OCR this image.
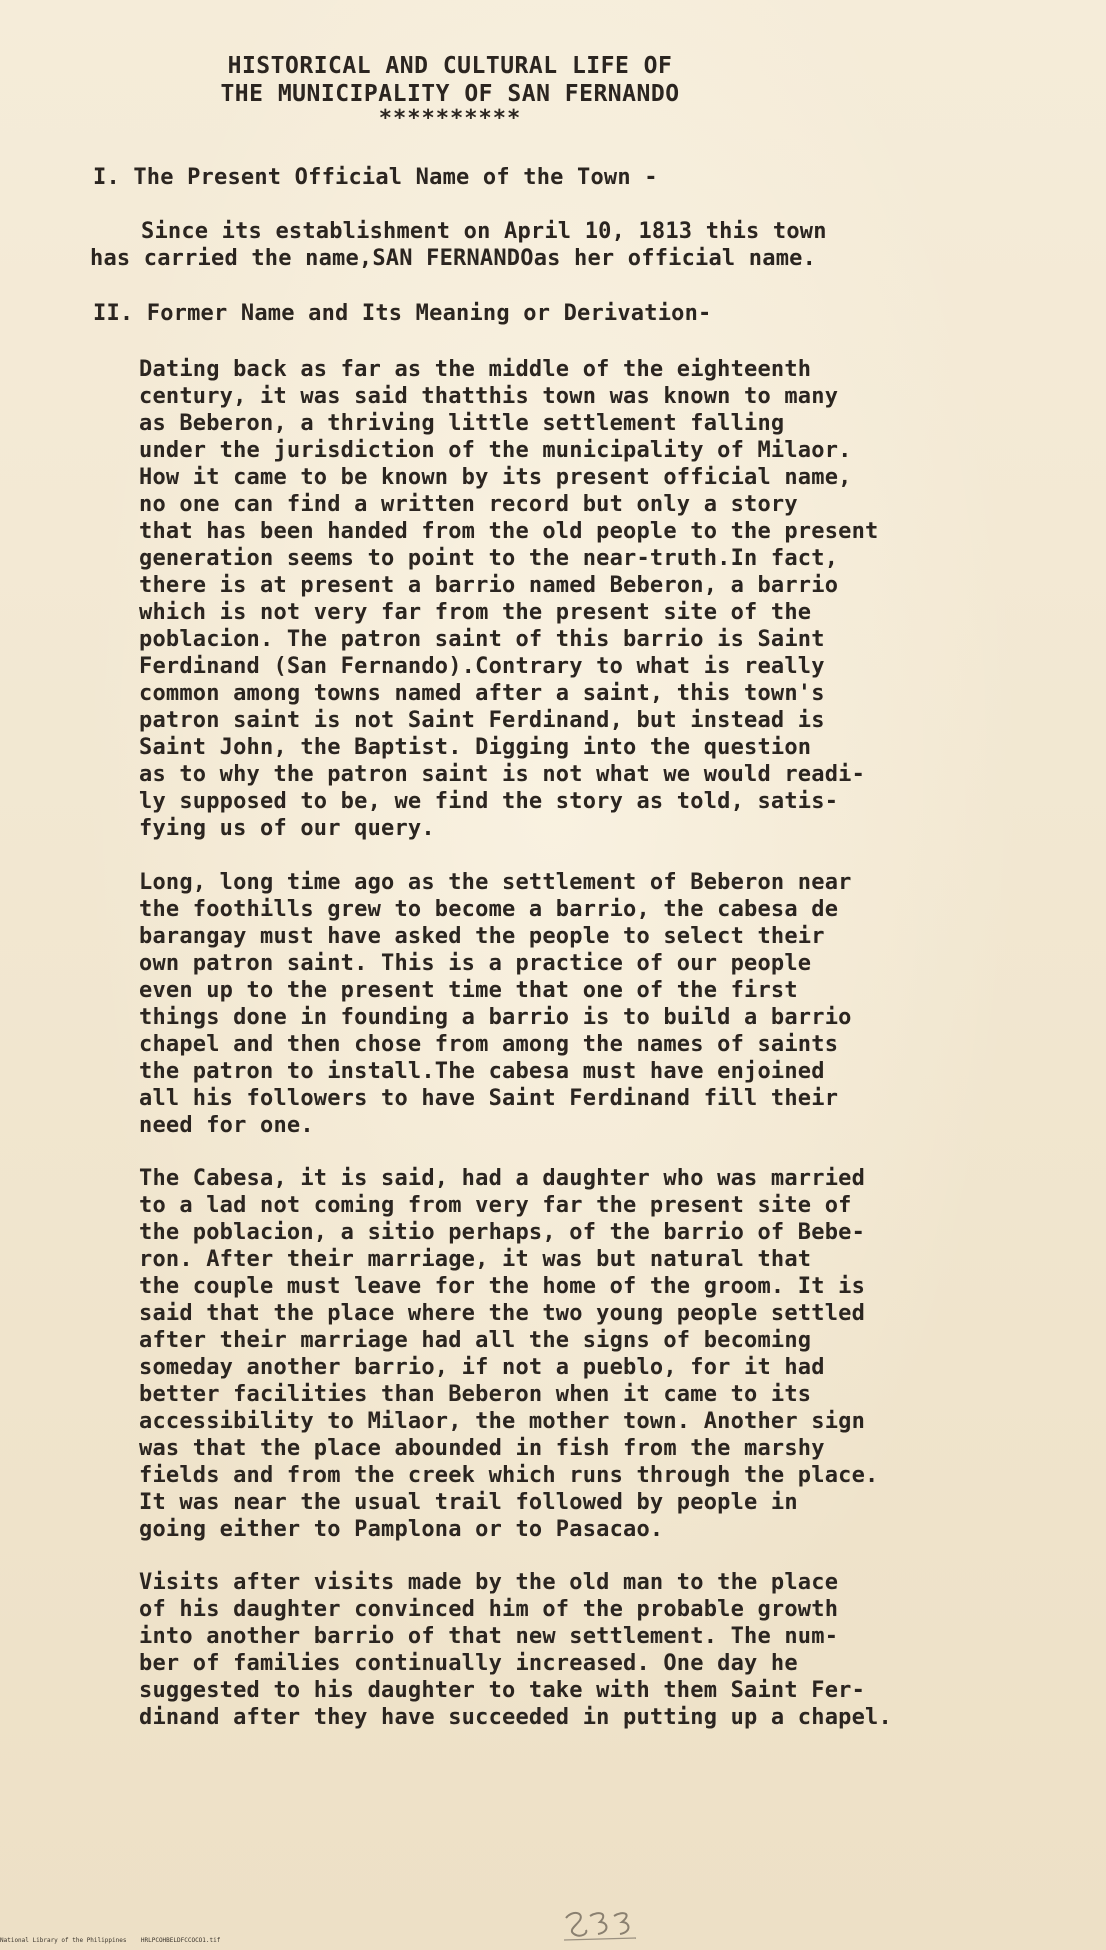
HISTORICAL AND CULTURAL LIFE OF
THE MUNICIPALITY OF SAN FERNANDO
**********
I. The Present Official Name of the Town -
Since its establishment on April 10, 1813 this town
has carried the name,SAN FERNANDOas her official name.
II. Former Name and Its Meaning or Derivation-
Dating back as far as the middle of the eighteenth
century, it was said thatthis town was known to many
as Beberon, a thriving little settlement falling
under the jurisdiction of the municipality of Milaor.
How it came to be known by its present official name,
no one can find a written record but only a story
that has been handed from the old people to the present
generation seems to point to the near-truth.In fact,
there is at present a barrio named Beberon, a barrio
which is not very far from the present site of the
poblacion. The patron saint of this barrio is Saint
Ferdinand (San Fernando).Contrary to what is really
common among towns named after a saint, this town's
patron saint is not Saint Ferdinand, but instead is
Saint John, the Baptist. Digging into the question
as to why the patron saint is not what we would readi-
ly supposed to be, we find the story as told, satis-
fying us of our query.
Long, long time ago as the settlement of Beberon near
the foothills grew to become a barrio, the cabesa de
barangay must have asked the people to select their
own patron saint. This is a practice of our people
even up to the present time that one of the first
things done in founding a barrio is to build a barrio
chapel and then chose from among the names of saints
the patron to install.The cabesa must have enjoined
all his followers to have Saint Ferdinand fill their
need for one.
The Cabesa, it is said, had a daughter who was married
to a lad not coming from very far the present site of
the poblacion, a sitio perhaps, of the barrio of Bebe-
ron. After their marriage, it was but natural that
the couple must leave for the home of the groom. It is
said that the place where the two young people settled
after their marriage had all the signs of becoming
someday another barrio, if not a pueblo, for it had
better facilities than Beberon when it came to its
accessibility to Milaor, the mother town. Another sign
was that the place abounded in fish from the marshy
fields and from the creek which runs through the place.
It was near the usual trail followed by people in
going either to Pamplona or to Pasacao.
Visits after visits made by the old man to the place
of his daughter convinced him of the probable growth
into another barrio of that new settlement. The num-
ber of families continually increased. One day he
suggested to his daughter to take with them Saint Fer-
dinand after they have succeeded in putting up a chapel.
National Library of the Philippines    HRLPCOHBELDFCCOCO1.tif
